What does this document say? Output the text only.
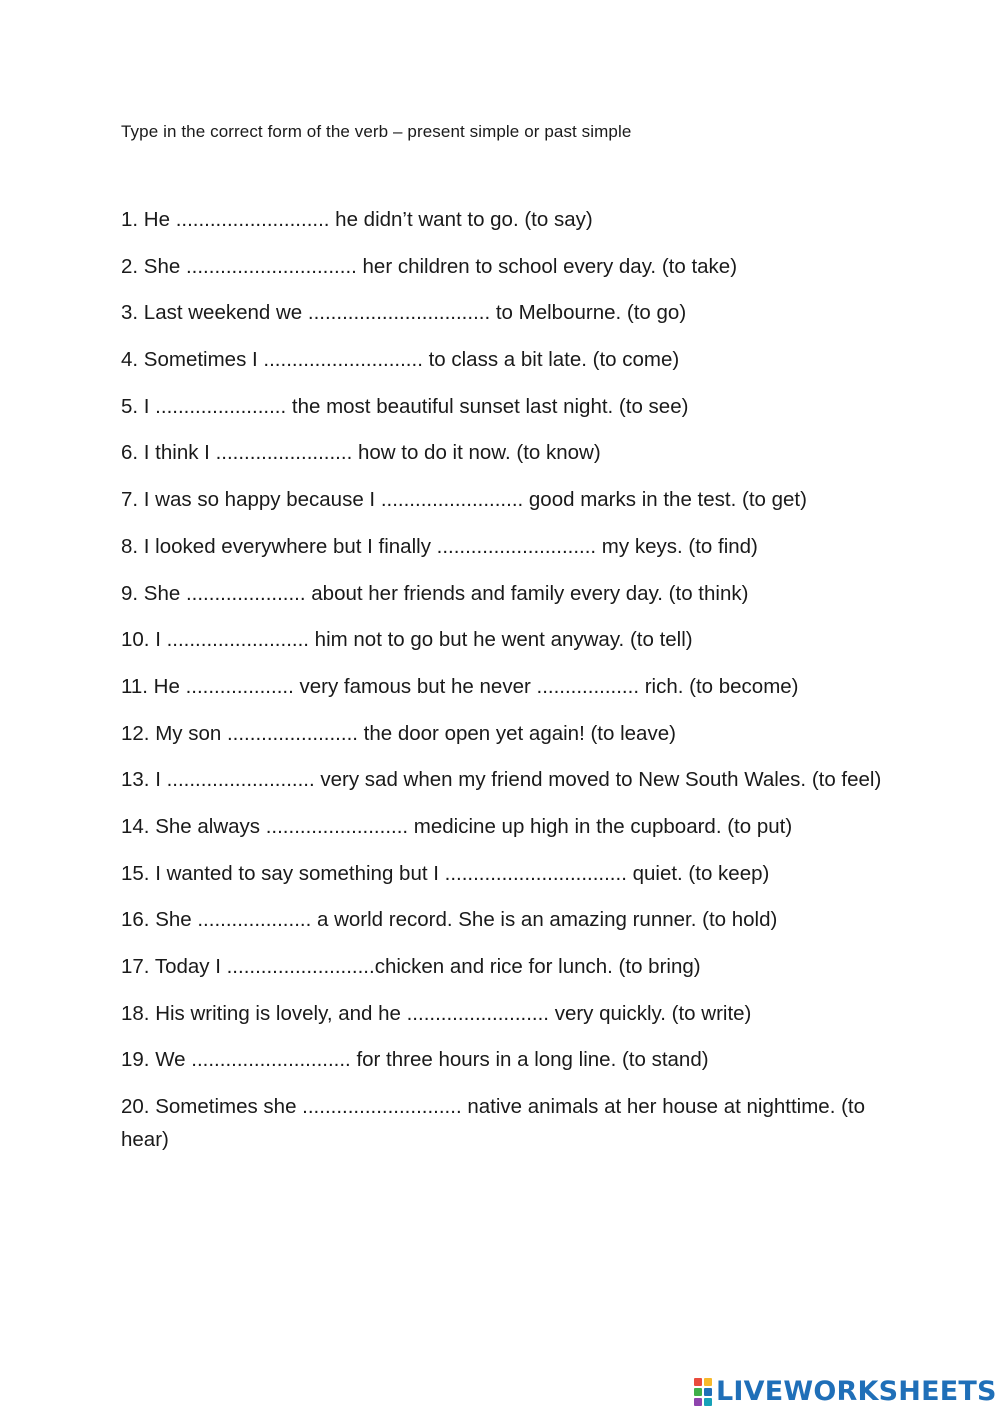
Type in the correct form of the verb – present simple or past simple
1. He ........................... he didn’t want to go. (to say)
2. She .............................. her children to school every day. (to take)
3. Last weekend we ................................ to Melbourne. (to go)
4. Sometimes I ............................ to class a bit late. (to come)
5. I ....................... the most beautiful sunset last night. (to see)
6. I think I ........................ how to do it now. (to know)
7. I was so happy because I ......................... good marks in the test. (to get)
8. I looked everywhere but I finally ............................ my keys. (to find)
9. She ..................... about her friends and family every day. (to think)
10. I ......................... him not to go but he went anyway. (to tell)
11. He ................... very famous but he never .................. rich. (to become)
12. My son ....................... the door open yet again! (to leave)
13. I .......................... very sad when my friend moved to New South Wales. (to feel)
14. She always ......................... medicine up high in the cupboard. (to put)
15. I wanted to say something but I ................................ quiet. (to keep)
16. She .................... a world record. She is an amazing runner. (to hold)
17. Today I ..........................chicken and rice for lunch. (to bring)
18. His writing is lovely, and he ......................... very quickly. (to write)
19. We ............................ for three hours in a long line. (to stand)
20. Sometimes she ............................ native animals at her house at nighttime. (to hear)
LIVEWORKSHEETS
